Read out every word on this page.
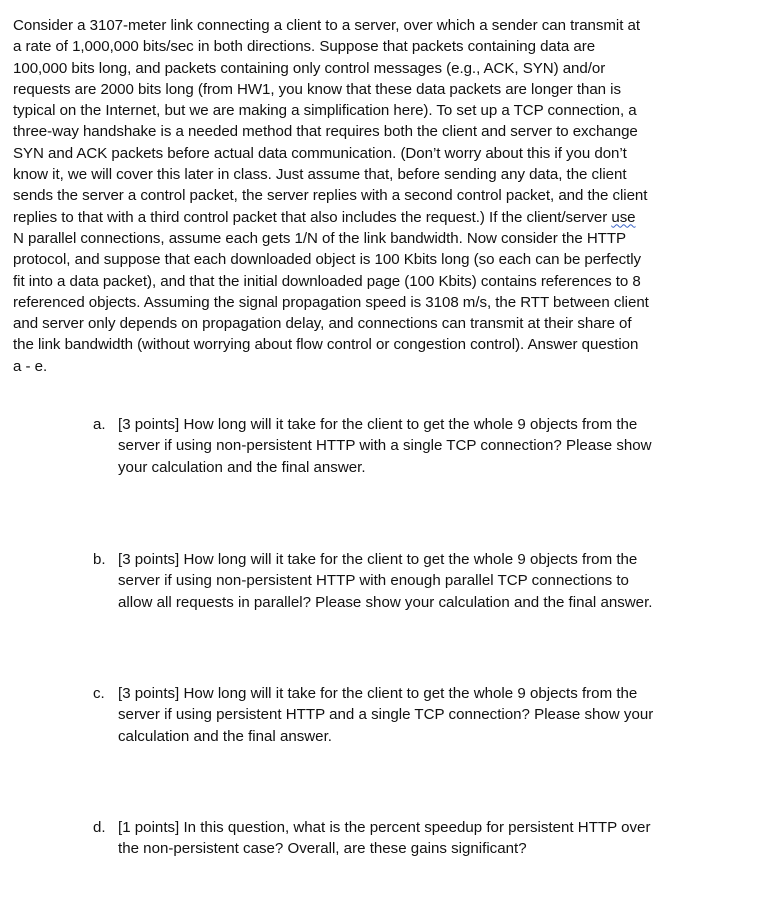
Consider a 3107-meter link connecting a client to a server, over which a sender can transmit at
a rate of 1,000,000 bits/sec in both directions. Suppose that packets containing data are
100,000 bits long, and packets containing only control messages (e.g., ACK, SYN) and/or
requests are 2000 bits long (from HW1, you know that these data packets are longer than is
typical on the Internet, but we are making a simplification here). To set up a TCP connection, a
three-way handshake is a needed method that requires both the client and server to exchange
SYN and ACK packets before actual data communication. (Don’t worry about this if you don’t
know it, we will cover this later in class. Just assume that, before sending any data, the client
sends the server a control packet, the server replies with a second control packet, and the client
replies to that with a third control packet that also includes the request.) If the client/server use
N parallel connections, assume each gets 1/N of the link bandwidth. Now consider the HTTP
protocol, and suppose that each downloaded object is 100 Kbits long (so each can be perfectly
fit into a data packet), and that the initial downloaded page (100 Kbits) contains references to 8
referenced objects. Assuming the signal propagation speed is 3108 m/s, the RTT between client
and server only depends on propagation delay, and connections can transmit at their share of
the link bandwidth (without worrying about flow control or congestion control). Answer question
a - e.

a. [3 points] How long will it take for the client to get the whole 9 objects from the
server if using non-persistent HTTP with a single TCP connection? Please show
your calculation and the final answer.
b. [3 points] How long will it take for the client to get the whole 9 objects from the
server if using non-persistent HTTP with enough parallel TCP connections to
allow all requests in parallel? Please show your calculation and the final answer.
c. [3 points] How long will it take for the client to get the whole 9 objects from the
server if using persistent HTTP and a single TCP connection? Please show your
calculation and the final answer.
d. [1 points] In this question, what is the percent speedup for persistent HTTP over
the non-persistent case? Overall, are these gains significant?
